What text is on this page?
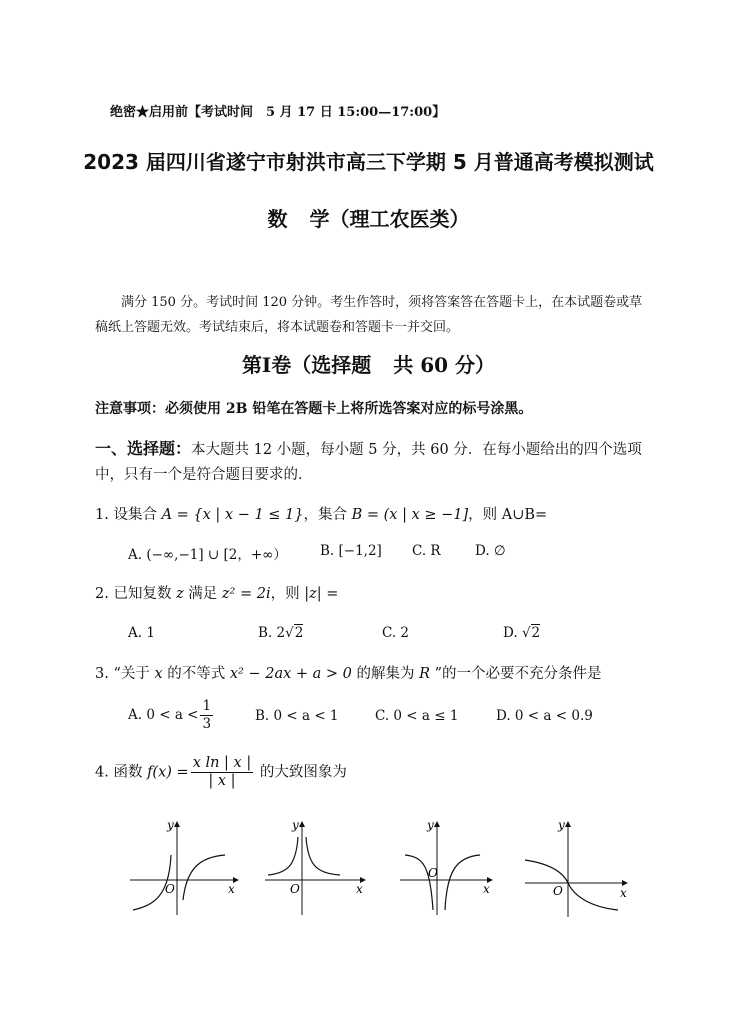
绝密★启用前【考试时间　5 月 17 日 15:00—17:00】
2023 届四川省遂宁市射洪市高三下学期 5 月普通高考模拟测试
数 学（理工农医类）
满分 150 分。考试时间 120 分钟。考生作答时，须将答案答在答题卡上，在本试题卷或草稿纸上答题无效。考试结束后，将本试题卷和答题卡一并交回。
第Ⅰ卷（选择题 共 60 分）
注意事项：必须使用 2B 铅笔在答题卡上将所选答案对应的标号涂黑。
一、选择题：本大题共 12 小题，每小题 5 分，共 60 分．在每小题给出的四个选项中，只有一个是符合题目要求的．
1. 设集合 A = {x | x − 1 ≤ 1}，集合 B = (x | x ≥ −1]，则 A∪B=
A. (−∞,−1] ∪ [2，+∞） B. [−1,2] C. R	D. ∅
2. 已知复数 z 满足 z² = 2i，则 |z| =
A. 1	B. 2√2	C. 2	D. √2
3. “关于 x 的不等式 x² − 2ax + a > 0 的解集为 R ”的一个必要不充分条件是
A. $0 < a < \frac{1}{3}$	B. 0 < a < 1	C. 0 < a ≤ 1	D. 0 < a < 0.9
4. 函数 $f(x) = \frac{\text{x ln | x |}}{| x |}$ 的大致图象为
x
y
O	x
y
O	x
y
O
x
y
O
